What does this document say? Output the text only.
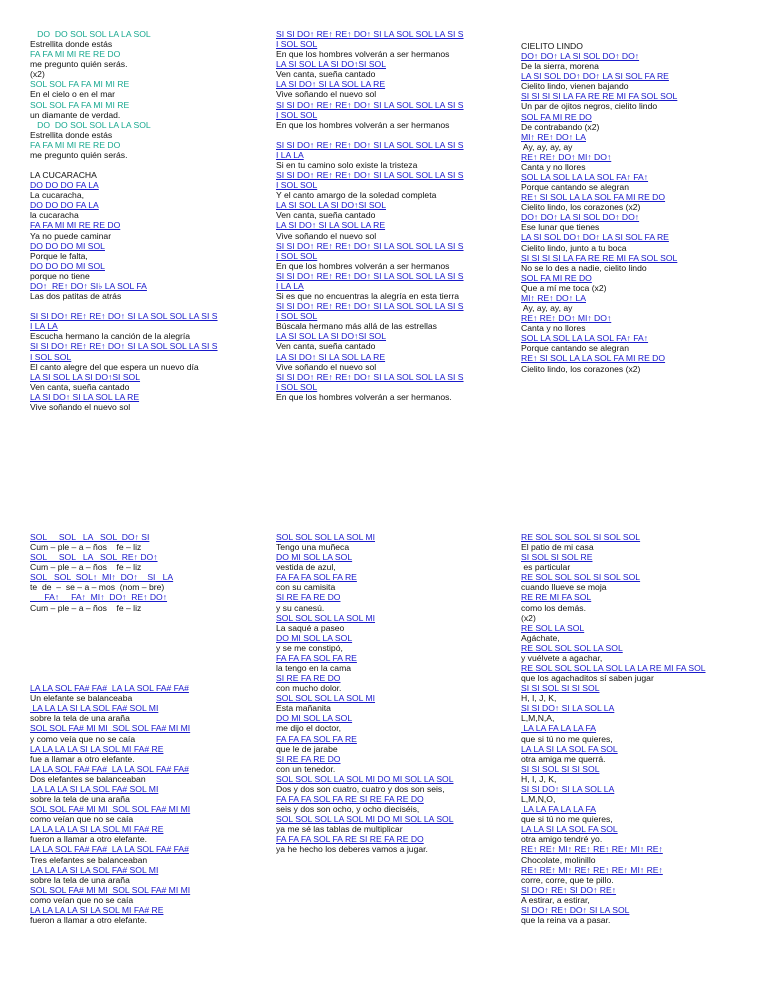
DO  DO SOL SOL LA LA SOL
Estrellita donde estás
FA FA MI MI RE RE DO
me pregunto quién serás.
(x2)
SOL SOL FA FA MI MI RE
En el cielo o en el mar
SOL SOL FA FA MI MI RE
un diamante de verdad.
DO  DO SOL SOL LA LA SOL
Estrellita donde estás
FA FA MI MI RE RE DO
me pregunto quién serás.
LA CUCARACHA
DO DO DO FA LA
La cucaracha,
DO DO DO FA LA
la cucaracha
FA FA MI MI RE RE DO
Ya no puede caminar
DO DO DO MI SOL
Porque le falta,
DO DO DO MI SOL
porque no tiene
DO↑  RE↑ DO↑ SI♭ LA SOL FA
Las dos patitas de atrás
SI SI DO↑ RE↑ RE↑ DO↑ SI LA SOL SOL LA SI S
I LA LA
Escucha hermano la canción de la alegría
SI SI DO↑ RE↑ RE↑ DO↑ SI LA SOL SOL LA SI S
I SOL SOL
El canto alegre del que espera un nuevo día
LA SI SOL LA SI DO↑SI SOL
Ven canta, sueña cantado
LA SI DO↑ SI LA SOL LA RE
Vive soñando el nuevo sol
SI SI DO↑ RE↑ RE↑ DO↑ SI LA SOL SOL LA SI S
I SOL SOL
En que los hombres volverán a ser hermanos
LA SI SOL LA SI DO↑SI SOL
Ven canta, sueña cantado
LA SI DO↑ SI LA SOL LA RE
Vive soñando el nuevo sol
SI SI DO↑ RE↑ RE↑ DO↑ SI LA SOL SOL LA SI S
I SOL SOL
En que los hombres volverán a ser hermanos
SI SI DO↑ RE↑ RE↑ DO↑ SI LA SOL SOL LA SI S
I LA LA
Si en tu camino solo existe la tristeza
SI SI DO↑ RE↑ RE↑ DO↑ SI LA SOL SOL LA SI S
I SOL SOL
Y el canto amargo de la soledad completa
LA SI SOL LA SI DO↑SI SOL
Ven canta, sueña cantado
LA SI DO↑ SI LA SOL LA RE
Vive soñando el nuevo sol
SI SI DO↑ RE↑ RE↑ DO↑ SI LA SOL SOL LA SI S
I SOL SOL
En que los hombres volverán a ser hermanos
SI SI DO↑ RE↑ RE↑ DO↑ SI LA SOL SOL LA SI S
I LA LA
Si es que no encuentras la alegría en esta tierra
SI SI DO↑ RE↑ RE↑ DO↑ SI LA SOL SOL LA SI S
I SOL SOL
Búscala hermano más allá de las estrellas
LA SI SOL LA SI DO↑SI SOL
Ven canta, sueña cantado
LA SI DO↑ SI LA SOL LA RE
Vive soñando el nuevo sol
SI SI DO↑ RE↑ RE↑ DO↑ SI LA SOL SOL LA SI S
I SOL SOL
En que los hombres volverán a ser hermanos.
CIELITO LINDO
DO↑ DO↑ LA SI SOL DO↑ DO↑
De la sierra, morena
LA SI SOL DO↑ DO↑ LA SI SOL FA RE
Cielito lindo, vienen bajando
SI SI SI SI LA FA RE RE MI FA SOL SOL
Un par de ojitos negros, cielito lindo
SOL FA MI RE DO
De contrabando (x2)
MI↑ RE↑ DO↑ LA
Ay, ay, ay, ay
RE↑ RE↑ DO↑ MI↑ DO↑
Canta y no llores
SOL LA SOL LA LA SOL FA↑ FA↑
Porque cantando se alegran
RE↑ SI SOL LA LA SOL FA MI RE DO
Cielito lindo, los corazones (x2)
DO↑ DO↑ LA SI SOL DO↑ DO↑
Ese lunar que tienes
LA SI SOL DO↑ DO↑ LA SI SOL FA RE
Cielito lindo, junto a tu boca
SI SI SI SI LA FA RE RE MI FA SOL SOL
No se lo des a nadie, cielito lindo
SOL FA MI RE DO
Que a mí me toca (x2)
MI↑ RE↑ DO↑ LA
Ay, ay, ay, ay
RE↑ RE↑ DO↑ MI↑ DO↑
Canta y no llores
SOL LA SOL LA LA SOL FA↑ FA↑
Porque cantando se alegran
RE↑ SI SOL LA LA SOL FA MI RE DO
Cielito lindo, los corazones (x2)
SOL     SOL   LA   SOL  DO↑ SI
Cum – ple – a – ños    fe – liz
SOL     SOL   LA   SOL  RE↑ DO↑
Cum – ple – a – ños    fe – liz
SOL   SOL  SOL↑  MI↑  DO↑    SI   LA
te  de  –  se – a – mos  (nom – bre)
FA↑     FA↑  MI↑  DO↑  RE↑ DO↑
Cum – ple – a – ños    fe – liz
LA LA SOL FA# FA#  LA LA SOL FA# FA#
Un elefante se balanceaba
LA LA LA SI LA SOL FA# SOL MI
sobre la tela de una araña
SOL SOL FA# MI MI  SOL SOL FA# MI MI
y como veía que no se caía
LA LA LA LA SI LA SOL MI FA# RE
fue a llamar a otro elefante.
LA LA SOL FA# FA#  LA LA SOL FA# FA#
Dos elefantes se balanceaban
LA LA LA SI LA SOL FA# SOL MI
sobre la tela de una araña
SOL SOL FA# MI MI  SOL SOL FA# MI MI
como veían que no se caía
LA LA LA LA SI LA SOL MI FA# RE
fueron a llamar a otro elefante.
LA LA SOL FA# FA#  LA LA SOL FA# FA#
Tres elefantes se balanceaban
LA LA LA SI LA SOL FA# SOL MI
sobre la tela de una araña
SOL SOL FA# MI MI  SOL SOL FA# MI MI
como veían que no se caía
LA LA LA LA SI LA SOL MI FA# RE
fueron a llamar a otro elefante.
SOL SOL SOL LA SOL MI
Tengo una muñeca
DO MI SOL LA SOL
vestida de azul,
FA FA FA SOL FA RE
con su camisita
SI RE FA RE DO
y su canesú.
SOL SOL SOL LA SOL MI
La saqué a paseo
DO MI SOL LA SOL
y se me constipó,
FA FA FA SOL FA RE
la tengo en la cama
SI RE FA RE DO
con mucho dolor.
SOL SOL SOL LA SOL MI
Esta mañanita
DO MI SOL LA SOL
me dijo el doctor,
FA FA FA SOL FA RE
que le de jarabe
SI RE FA RE DO
con un tenedor.
SOL SOL SOL LA SOL MI DO MI SOL LA SOL
Dos y dos son cuatro, cuatro y dos son seis,
FA FA FA SOL FA RE SI RE FA RE DO
seis y dos son ocho, y ocho dieciséis,
SOL SOL SOL LA SOL MI DO MI SOL LA SOL
ya me sé las tablas de multiplicar
FA FA FA SOL FA RE SI RE FA RE DO
ya he hecho los deberes vamos a jugar.
RE SOL SOL SOL SI SOL SOL
El patio de mi casa
SI SOL SI SOL RE
es particular
RE SOL SOL SOL SI SOL SOL
cuando llueve se moja
RE RE MI FA SOL
como los demás.
(x2)
RE SOL LA SOL
Agáchate,
RE SOL SOL SOL LA SOL
y vuélvete a agachar,
RE SOL SOL SOL LA SOL LA LA RE MI FA SOL
que los agachaditos sí saben jugar
SI SI SOL SI SI SOL
H, I, J, K,
SI SI DO↑ SI LA SOL LA
L,M,N,A,
LA LA FA LA LA FA
que si tú no me quieres,
LA LA SI LA SOL FA SOL
otra amiga me querrá.
SI SI SOL SI SI SOL
H, I, J, K,
SI SI DO↑ SI LA SOL LA
L,M,N,O,
LA LA FA LA LA FA
que si tú no me quieres,
LA LA SI LA SOL FA SOL
otra amigo tendré yo.
RE↑ RE↑ MI↑ RE↑ RE↑ RE↑ MI↑ RE↑
Chocolate, molinillo
RE↑ RE↑ MI↑ RE↑ RE↑ RE↑ MI↑ RE↑
corre, corre, que te pillo.
SI DO↑ RE↑ SI DO↑ RE↑
A estirar, a estirar,
SI DO↑ RE↑ DO↑ SI LA SOL
que la reina va a pasar.
